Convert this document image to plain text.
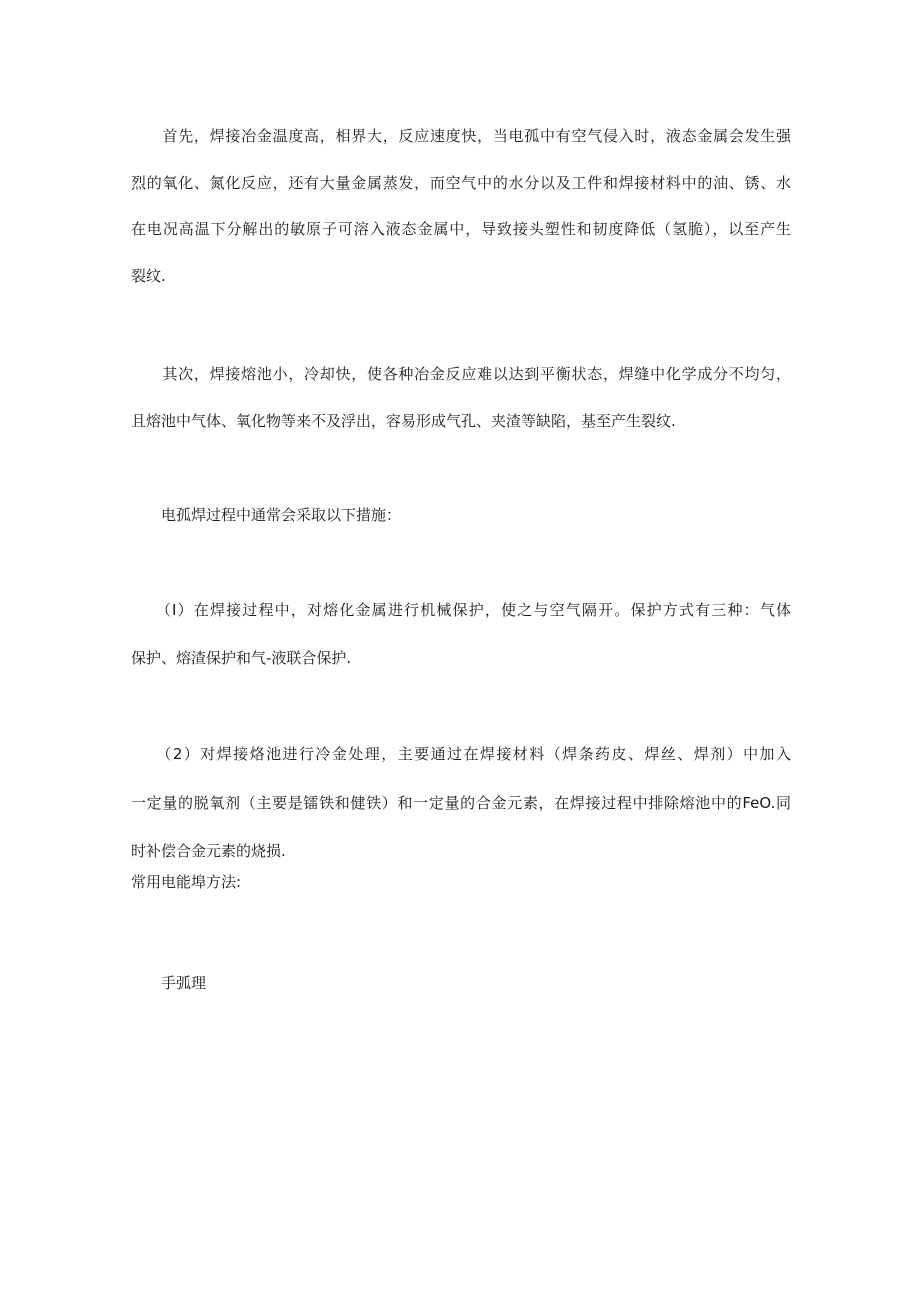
　　首先，焊接冶金温度高，相界大，反应速度快，当电孤中有空气侵入时，液态金属会发生强
烈的氧化、氮化反应，还有大量金属蒸发，而空气中的水分以及工件和焊接材料中的油、锈、水
在电况高温下分解出的敏原子可溶入液态金属中，导致接头塑性和韧度降低（氢脆），以至产生
裂纹.
　　其次，焊接熔池小，冷却快，使各种冶金反应难以达到平衡状态，焊缝中化学成分不均匀，
且熔池中气体、氧化物等来不及浮出，容易形成气孔、夹渣等缺陷，基至产生裂纹.
　　电孤焊过程中通常会采取以下措施：
　　（I）在焊接过程中，对熔化金属进行机械保护，使之与空气隔开。保护方式有三种：气体
保护、熔渣保护和气-液联合保护.
　　（2）对焊接烙池进行冷金处理，主要通过在焊接材料（焊条药皮、焊丝、焊剂）中加入
一定量的脱氧剂（主要是镭铁和健铁）和一定量的合金元素，在焊接过程中排除熔池中的FeO.同
时补偿合金元素的烧损.
常用电能埠方法:
　　手弧理
